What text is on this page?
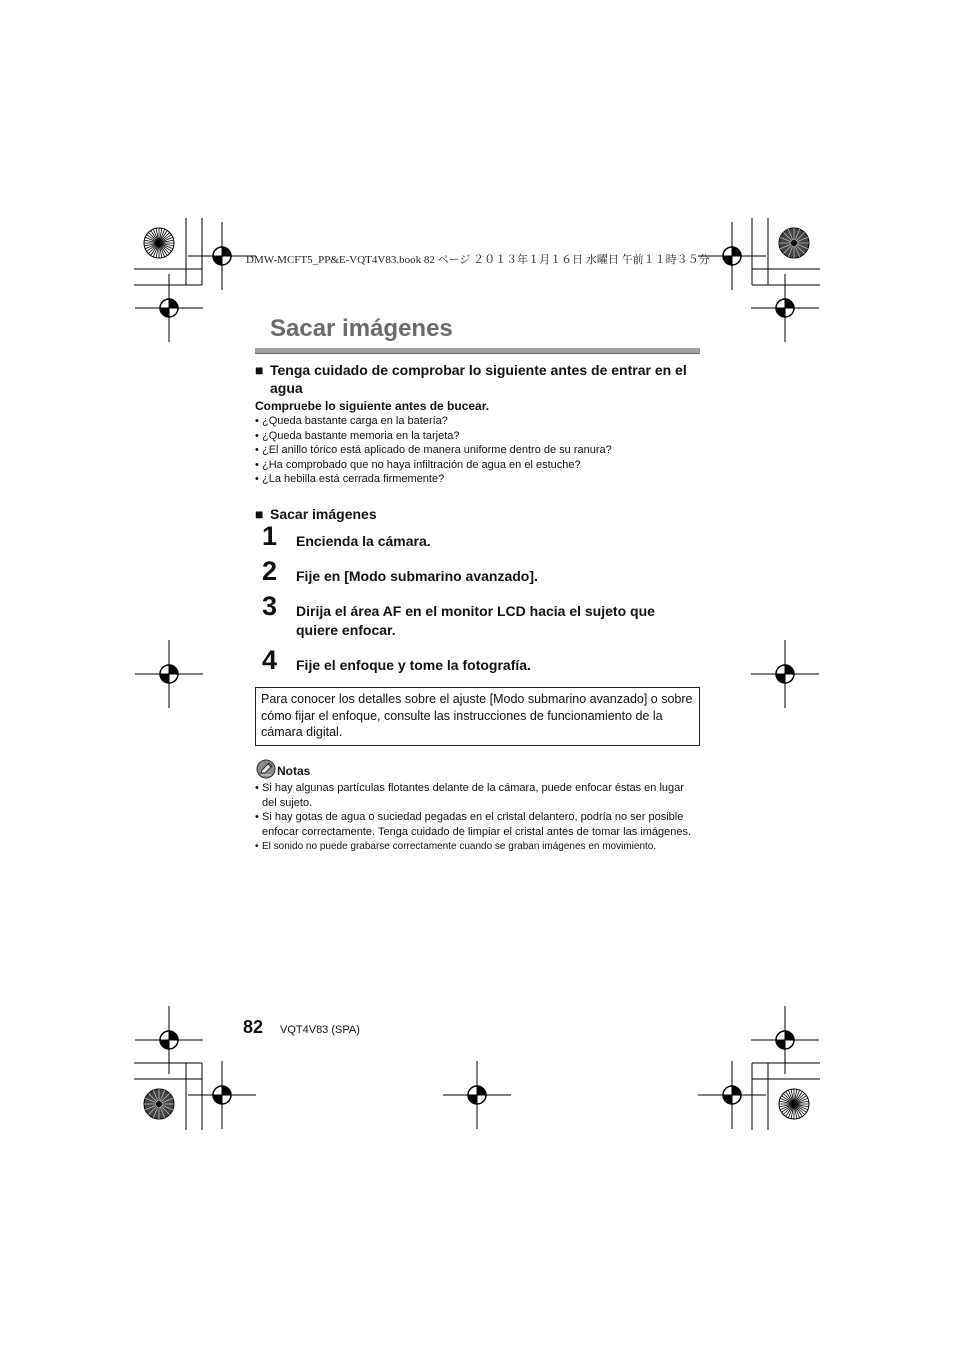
DMW-MCFT5_PP&E-VQT4V83.book 82 ページ ２０１３年１月１６日 水曜日 午前１１時３５分
Sacar imágenes
■ Tenga cuidado de comprobar lo siguiente antes de entrar en el agua
Compruebe lo siguiente antes de bucear.
• ¿Queda bastante carga en la batería?
• ¿Queda bastante memoria en la tarjeta?
• ¿El anillo tórico está aplicado de manera uniforme dentro de su ranura?
• ¿Ha comprobado que no haya infiltración de agua en el estuche?
• ¿La hebilla está cerrada firmemente?
■ Sacar imágenes
1 Encienda la cámara.
2 Fije en [Modo submarino avanzado].
3 Dirija el área AF en el monitor LCD hacia el sujeto que quiere enfocar.
4 Fije el enfoque y tome la fotografía.
Para conocer los detalles sobre el ajuste [Modo submarino avanzado] o sobre cómo fijar el enfoque, consulte las instrucciones de funcionamiento de la cámara digital.
Notas
• Si hay algunas partículas flotantes delante de la cámara, puede enfocar éstas en lugar del sujeto.
• Si hay gotas de agua o suciedad pegadas en el cristal delantero, podría no ser posible enfocar correctamente. Tenga cuidado de limpiar el cristal antes de tomar las imágenes.
• El sonido no puede grabarse correctamente cuando se graban imágenes en movimiento.
82 VQT4V83 (SPA)
